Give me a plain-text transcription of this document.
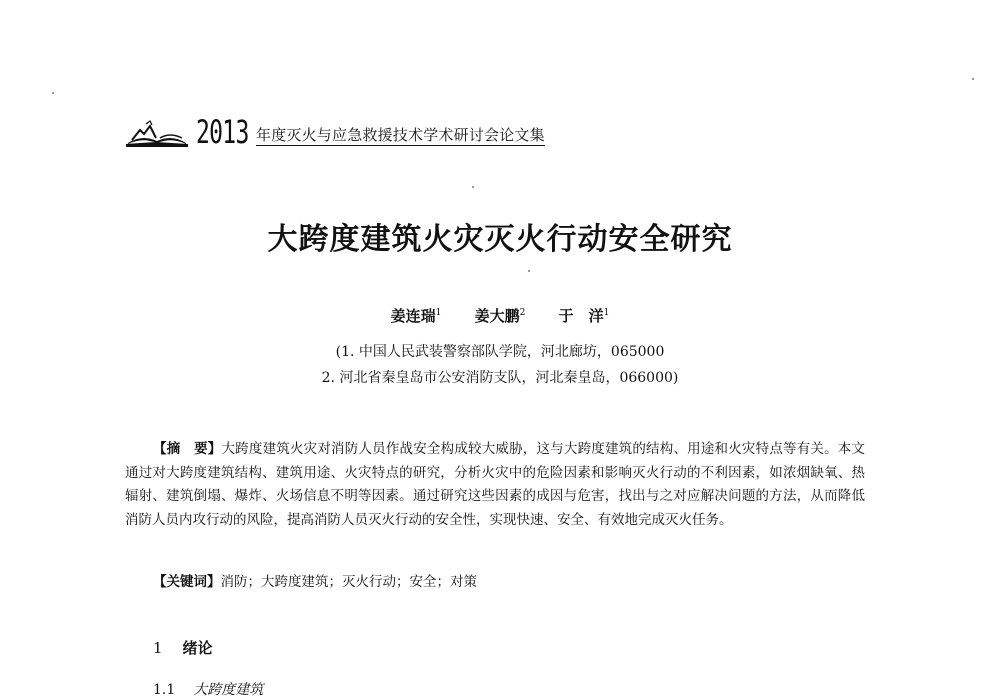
2013 年度灭火与应急救援技术学术研讨会论文集
大跨度建筑火灾灭火行动安全研究
姜连瑞$^1$ 姜大鹏$^2$ 于　洋$^1$
(1. 中国人民武装警察部队学院，河北廊坊，065000
2. 河北省秦皇岛市公安消防支队，河北秦皇岛，066000)

【摘　要】大跨度建筑火灾对消防人员作战安全构成较大威胁，这与大跨度建筑的结构、用途和火灾特点等有关。本文通过对大跨度建筑结构、建筑用途、火灾特点的研究，分析火灾中的危险因素和影响灭火行动的不利因素，如浓烟缺氧、热辐射、建筑倒塌、爆炸、火场信息不明等因素。通过研究这些因素的成因与危害，找出与之对应解决问题的方法，从而降低消防人员内攻行动的风险，提高消防人员灭火行动的安全性，实现快速、安全、有效地完成灭火任务。

【关键词】消防；大跨度建筑；灭火行动；安全；对策
1 绪论
1.1 大跨度建筑
